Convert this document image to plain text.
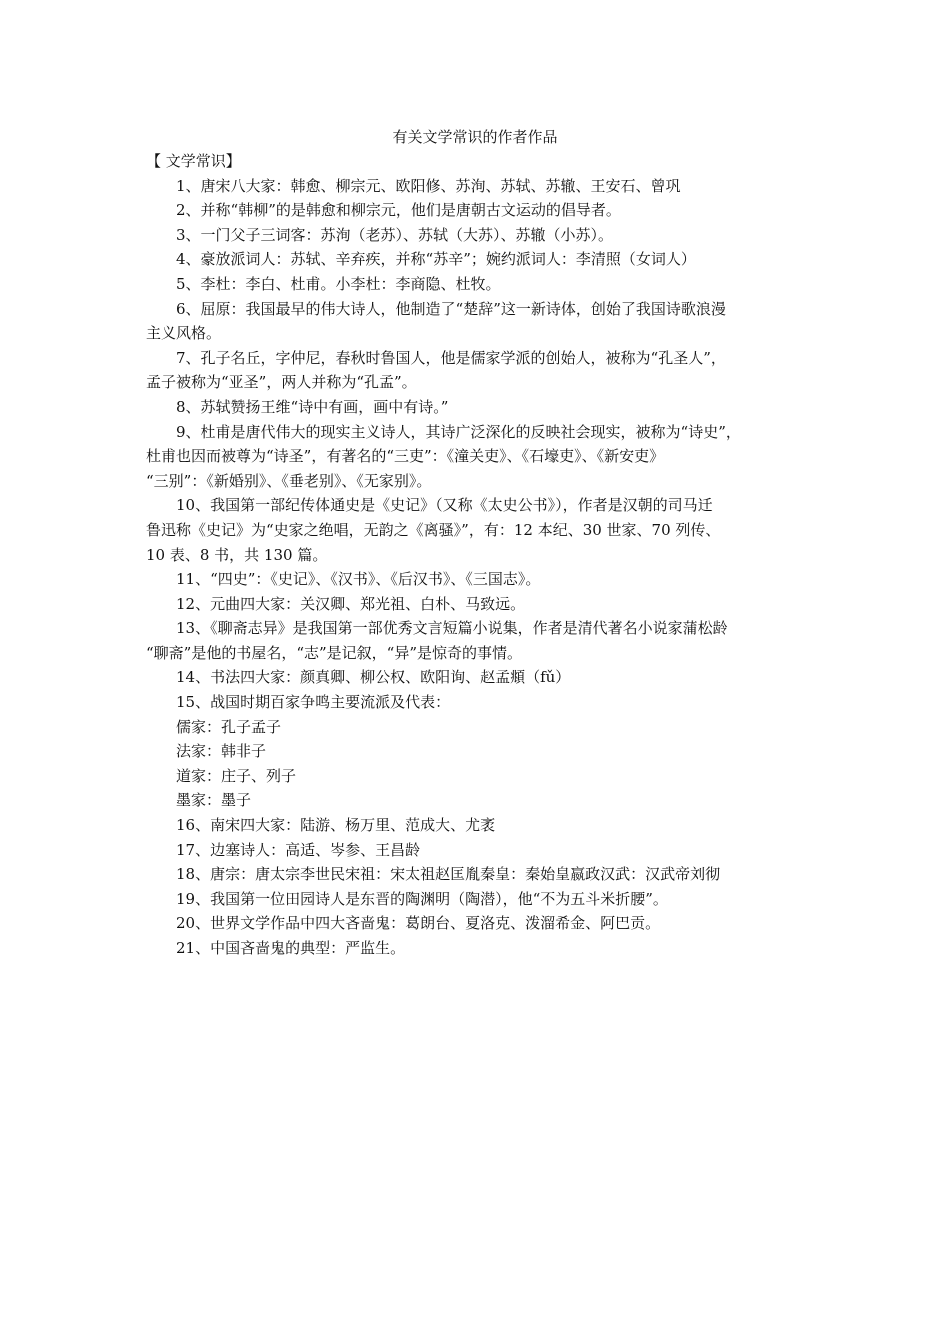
有关文学常识的作者作品
【 文学常识】
1、唐宋八大家：韩愈、柳宗元、欧阳修、苏洵、苏轼、苏辙、王安石、曾巩
2、并称“韩柳”的是韩愈和柳宗元，他们是唐朝古文运动的倡导者。
3、一门父子三词客：苏洵（老苏）、苏轼（大苏）、苏辙（小苏）。
4、豪放派词人：苏轼、辛弃疾，并称“苏辛”；婉约派词人：李清照（女词人）
5、李杜：李白、杜甫。小李杜：李商隐、杜牧。
6、屈原：我国最早的伟大诗人，他制造了“楚辞”这一新诗体，创始了我国诗歌浪漫
主义风格。
7、孔子名丘，字仲尼，春秋时鲁国人，他是儒家学派的创始人，被称为“孔圣人”，
孟子被称为“亚圣”，两人并称为“孔孟”。
8、苏轼赞扬王维“诗中有画，画中有诗。”
9、杜甫是唐代伟大的现实主义诗人，其诗广泛深化的反映社会现实，被称为“诗史”，
杜甫也因而被尊为“诗圣”，有著名的“三吏”：《潼关吏》、《石壕吏》、《新安吏》
“三别”：《新婚别》、《垂老别》、《无家别》。
10、我国第一部纪传体通史是《史记》（又称《太史公书》），作者是汉朝的司马迁
鲁迅称《史记》为“史家之绝唱，无韵之《离骚》”，有：12 本纪、30 世家、70 列传、
10 表、8 书，共 130 篇。
11、“四史”：《史记》、《汉书》、《后汉书》、《三国志》。
12、元曲四大家：关汉卿、郑光祖、白朴、马致远。
13、《聊斋志异》是我国第一部优秀文言短篇小说集，作者是清代著名小说家蒲松龄
“聊斋”是他的书屋名，“志”是记叙，“异”是惊奇的事情。
14、书法四大家：颜真卿、柳公权、欧阳询、赵孟頫（fǔ）
15、战国时期百家争鸣主要流派及代表：
儒家：孔子孟子
法家：韩非子
道家：庄子、列子
墨家：墨子
16、南宋四大家：陆游、杨万里、范成大、尤袤
17、边塞诗人：高适、岑参、王昌龄
18、唐宗：唐太宗李世民宋祖：宋太祖赵匡胤秦皇：秦始皇嬴政汉武：汉武帝刘彻
19、我国第一位田园诗人是东晋的陶渊明（陶潜），他“不为五斗米折腰”。
20、世界文学作品中四大吝啬鬼：葛朗台、夏洛克、泼溜希金、阿巴贡。
21、中国吝啬鬼的典型：严监生。
